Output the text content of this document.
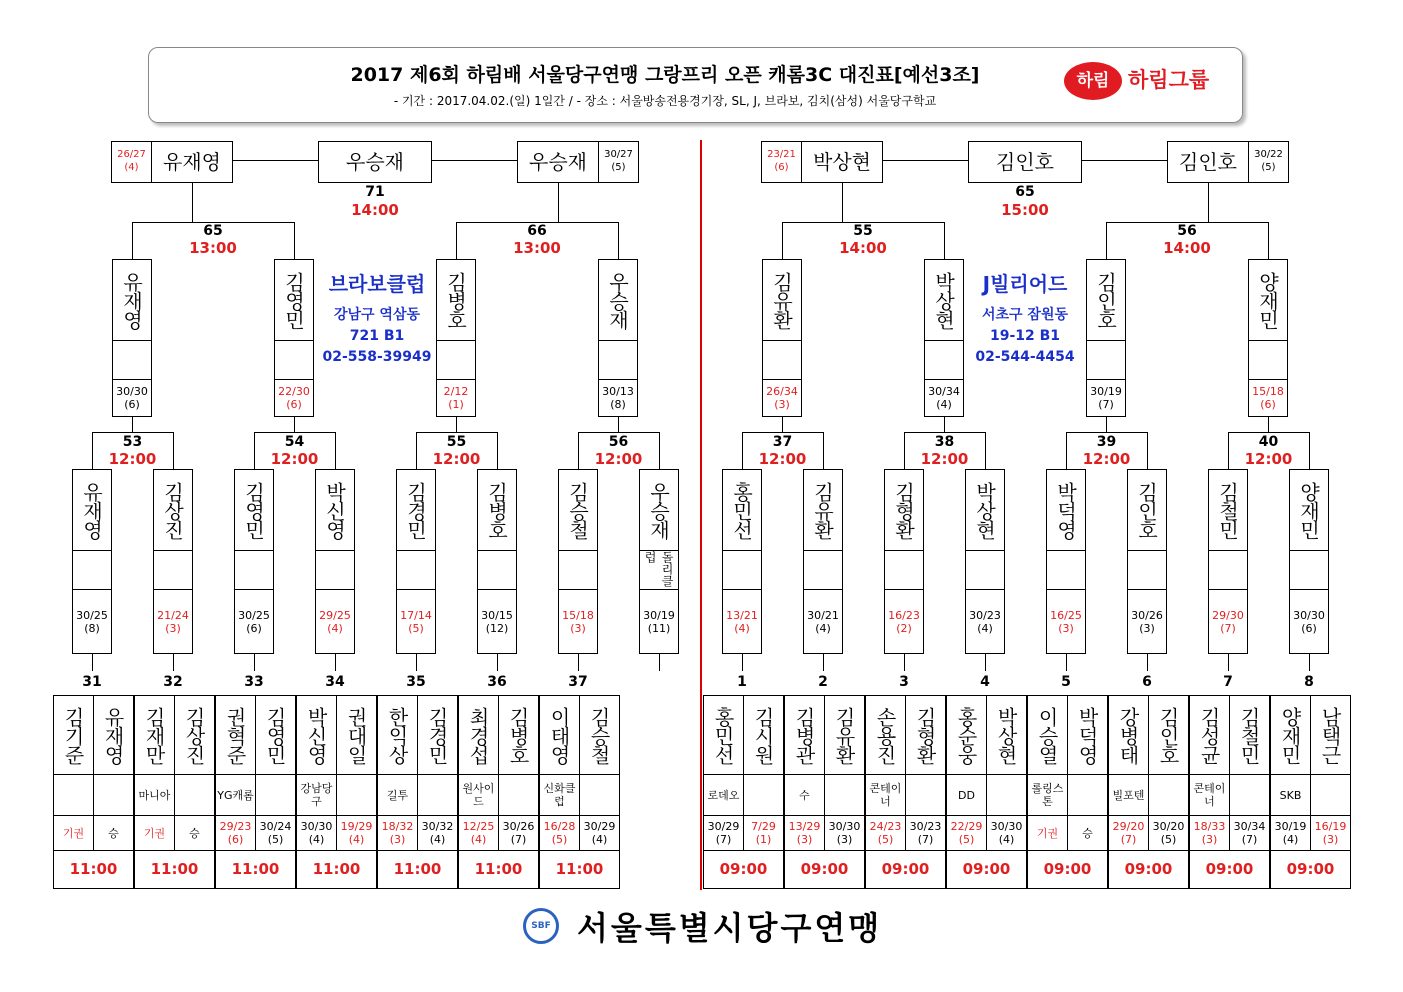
2017 제6회 하림배 서울당구연맹 그랑프리 오픈 캐롬3C 대진표[예선3조]
- 기간 : 2017.04.02.(일) 1일간 / - 장소 : 서울방송전용경기장, SL, J, 브라보, 김치(삼성) 서울당구학교
하림 하림그룹
브라보클럽
강남구 역삼동
721 B1
02-558-39949
J빌리어드
서초구 잠원동
19-12 B1
02-544-4454
26/27
(4)	유재영	우승재	우승재	30/27
(5)
71
14:00
65
13:00
66
13:00
유재영
30/30
(6)
김영민
22/30
(6)
김병호
2/12
(1)
우승재
30/13
(8)
53
12:00
54
12:00
55
12:00
56
12:00
유재영
30/25
(8)
김상진
21/24
(3)
김영민
30/25
(6)
박신영
29/25
(4)
김경민
17/14
(5)
김병호
30/15
(12)
김승철
15/18
(3)
우승재
돌리클럽
30/19
(11)
31
김기준
기권
유재영
승
11:00
32
김재만
마니아
기권
김상진
승
11:00
33
권혁준
YG캐롬
29/23
(6)
김영민
30/24
(5)
11:00
34
박신영
강남당구
30/30
(4)
권대일
19/29
(4)
11:00
35
한익상
길투
18/32
(3)
김경민
30/32
(4)
11:00
36
최경섭
원사이드
12/25
(4)
김병호
30/26
(7)
11:00
37
이태영
신화클럽
16/28
(5)
김승철
30/29
(4)
11:00
23/21
(6)	박상현	김인호	김인호	30/22
(5)
65
15:00
55
14:00
56
14:00
김유환
26/34
(3)
박상현
30/34
(4)
김인호
30/19
(7)
양재민
15/18
(6)
37
12:00
38
12:00
39
12:00
40
12:00
홍민선
13/21
(4)
김유환
30/21
(4)
김형환
16/23
(2)
박상현
30/23
(4)
박덕영
16/25
(3)
김인호
30/26
(3)
김철민
29/30
(7)
양재민
30/30
(6)
1
홍민선
로데오
30/29
(7)
김시원
7/29
(1)
09:00
2
김병관
수
13/29
(3)
김유환
30/30
(3)
09:00
3
손용진
콘테이너
24/23
(5)
김형환
30/23
(7)
09:00
4
홍순웅
DD
22/29
(5)
박상현
30/30
(4)
09:00
5
이승열
롤링스톤
기권
박덕영
승
09:00
6
강병태
빌포텐
29/20
(7)
김인호
30/20
(5)
09:00
7
김성균
콘테이너
18/33
(3)
김철민
30/34
(7)
09:00
8
양재민
SKB
30/19
(4)
남택근
16/19
(3)
09:00
SBF 서울특별시당구연맹
